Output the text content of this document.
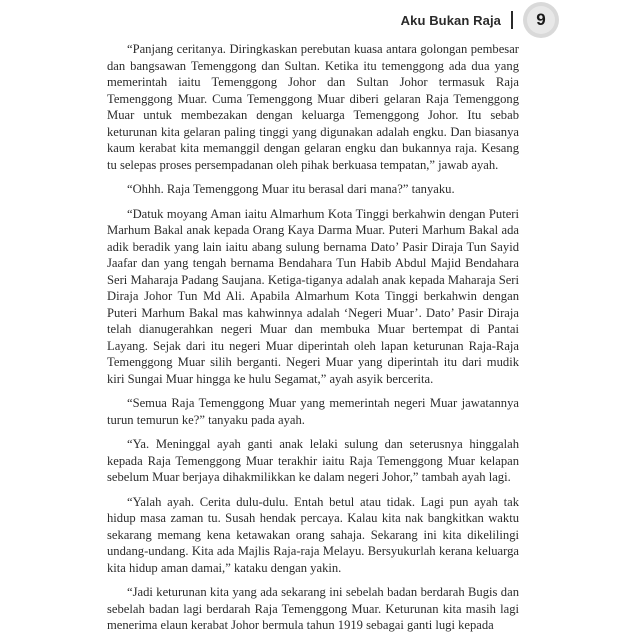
Aku Bukan Raja	9

“Panjang ceritanya. Diringkaskan perebutan kuasa antara golongan pembesar dan bangsawan Temenggong dan Sultan. Ketika itu temenggong ada dua yang memerintah iaitu Temenggong Johor dan Sultan Johor termasuk Raja Temenggong Muar. Cuma Temenggong Muar diberi gelaran Raja Temenggong Muar untuk membezakan dengan keluarga Temenggong Johor. Itu sebab keturunan kita gelaran paling tinggi yang digunakan adalah engku. Dan biasanya kaum kerabat kita memanggil dengan gelaran engku dan bukannya raja. Kesang tu selepas proses persempadanan oleh pihak berkuasa tempatan,” jawab ayah.

“Ohhh. Raja Temenggong Muar itu berasal dari mana?” tanyaku.

“Datuk moyang Aman iaitu Almarhum Kota Tinggi berkahwin dengan Puteri Marhum Bakal anak kepada Orang Kaya Darma Muar. Puteri Marhum Bakal ada adik beradik yang lain iaitu abang sulung bernama Dato’ Pasir Diraja Tun Sayid Jaafar dan yang tengah bernama Bendahara Tun Habib Abdul Majid Bendahara Seri Maharaja Padang Saujana. Ketiga-tiganya adalah anak kepada Maharaja Seri Diraja Johor Tun Md Ali. Apabila Almarhum Kota Tinggi berkahwin dengan Puteri Marhum Bakal mas kahwinnya adalah ‘Negeri Muar’. Dato’ Pasir Diraja telah dianugerahkan negeri Muar dan membuka Muar bertempat di Pantai Layang. Sejak dari itu negeri Muar diperintah oleh lapan keturunan Raja-Raja Temenggong Muar silih berganti. Negeri Muar yang diperintah itu dari mudik kiri Sungai Muar hingga ke hulu Segamat,” ayah asyik bercerita.

“Semua Raja Temenggong Muar yang memerintah negeri Muar jawatannya turun temurun ke?” tanyaku pada ayah.

“Ya. Meninggal ayah ganti anak lelaki sulung dan seterusnya hinggalah kepada Raja Temenggong Muar terakhir iaitu Raja Temenggong Muar kelapan sebelum Muar berjaya dihakmilikkan ke dalam negeri Johor,” tambah ayah lagi.

“Yalah ayah. Cerita dulu-dulu. Entah betul atau tidak. Lagi pun ayah tak hidup masa zaman tu. Susah hendak percaya. Kalau kita nak bangkitkan waktu sekarang memang kena ketawakan orang sahaja. Sekarang ini kita dikelilingi undang-undang. Kita ada Majlis Raja-raja Melayu. Bersyukurlah kerana keluarga kita hidup aman damai,” kataku dengan yakin.

“Jadi keturunan kita yang ada sekarang ini sebelah badan berdarah Bugis dan sebelah badan lagi berdarah Raja Temenggong Muar. Keturunan kita masih lagi menerima elaun kerabat Johor bermula tahun 1919 sebagai ganti lugi kepada
